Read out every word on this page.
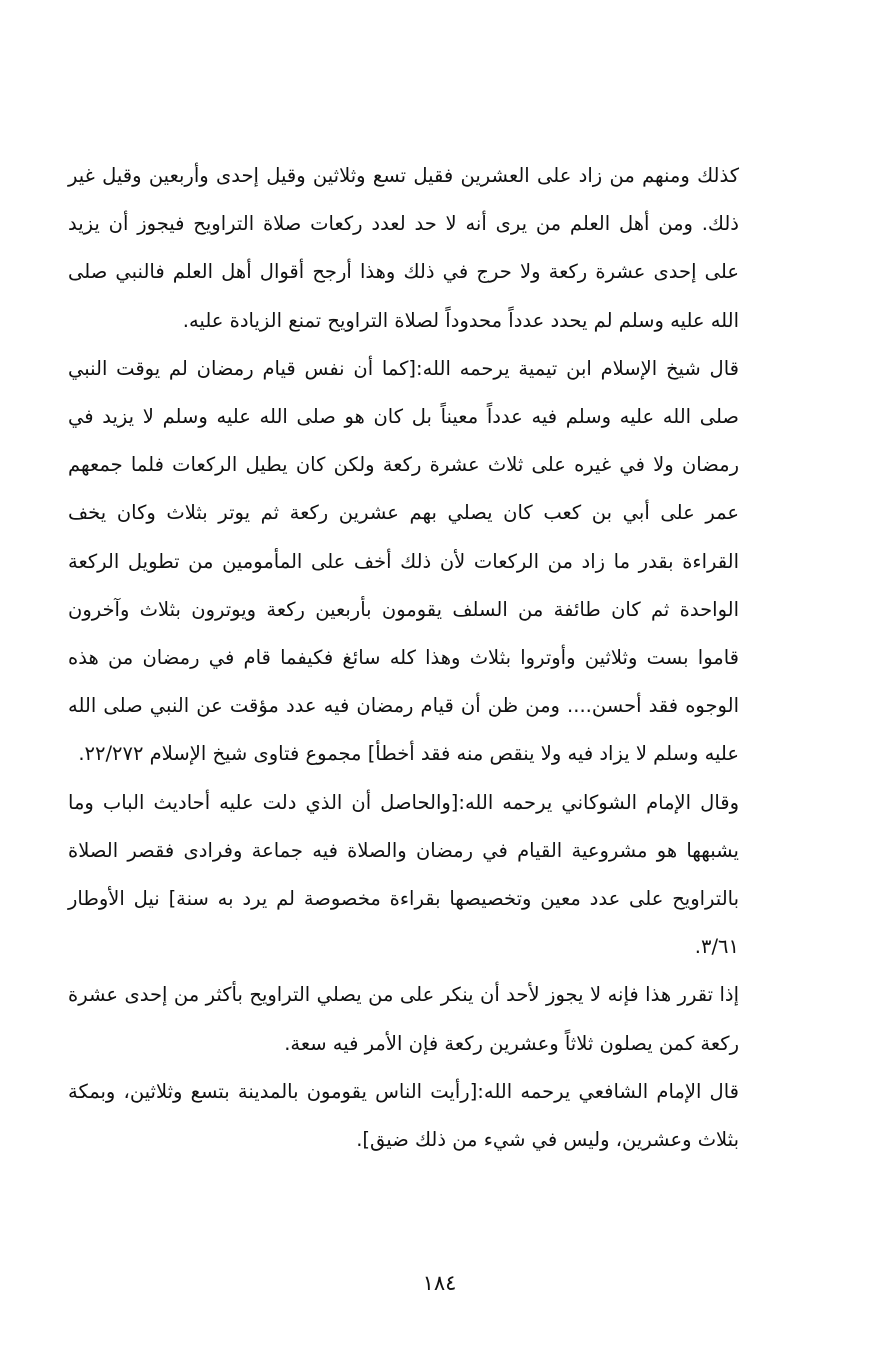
كذلك ومنهم من زاد على العشرين فقيل تسع وثلاثين وقيل إحدى وأربعين وقيل غير ذلك. ومن أهل العلم من يرى أنه لا حد لعدد ركعات صلاة التراويح فيجوز أن يزيد على إحدى عشرة ركعة ولا حرج في ذلك وهذا أرجح أقوال أهل العلم فالنبي صلى الله عليه وسلم لم يحدد عدداً محدوداً لصلاة التراويح تمنع الزيادة عليه.

قال شيخ الإسلام ابن تيمية يرحمه الله:[كما أن نفس قيام رمضان لم يوقت النبي صلى الله عليه وسلم فيه عدداً معيناً بل كان هو صلى الله عليه وسلم لا يزيد في رمضان ولا في غيره على ثلاث عشرة ركعة ولكن كان يطيل الركعات فلما جمعهم عمر على أبي بن كعب كان يصلي بهم عشرين ركعة ثم يوتر بثلاث وكان يخف القراءة بقدر ما زاد من الركعات لأن ذلك أخف على المأمومين من تطويل الركعة الواحدة ثم كان طائفة من السلف يقومون بأربعين ركعة ويوترون بثلاث وآخرون قاموا بست وثلاثين وأوتروا بثلاث وهذا كله سائغ فكيفما قام في رمضان من هذه الوجوه فقد أحسن.... ومن ظن أن قيام رمضان فيه عدد مؤقت عن النبي صلى الله عليه وسلم لا يزاد فيه ولا ينقص منه فقد أخطأ] مجموع فتاوى شيخ الإسلام ٢٢/٢٧٢.

وقال الإمام الشوكاني يرحمه الله:[والحاصل أن الذي دلت عليه أحاديث الباب وما يشبهها هو مشروعية القيام في رمضان والصلاة فيه جماعة وفرادى فقصر الصلاة بالتراويح على عدد معين وتخصيصها بقراءة مخصوصة لم يرد به سنة] نيل الأوطار ٣/٦١.

إذا تقرر هذا فإنه لا يجوز لأحد أن ينكر على من يصلي التراويح بأكثر من إحدى عشرة ركعة كمن يصلون ثلاثاً وعشرين ركعة فإن الأمر فيه سعة.

قال الإمام الشافعي يرحمه الله:[رأيت الناس يقومون بالمدينة بتسع وثلاثين، وبمكة بثلاث وعشرين، وليس في شيء من ذلك ضيق].

١٨٤
